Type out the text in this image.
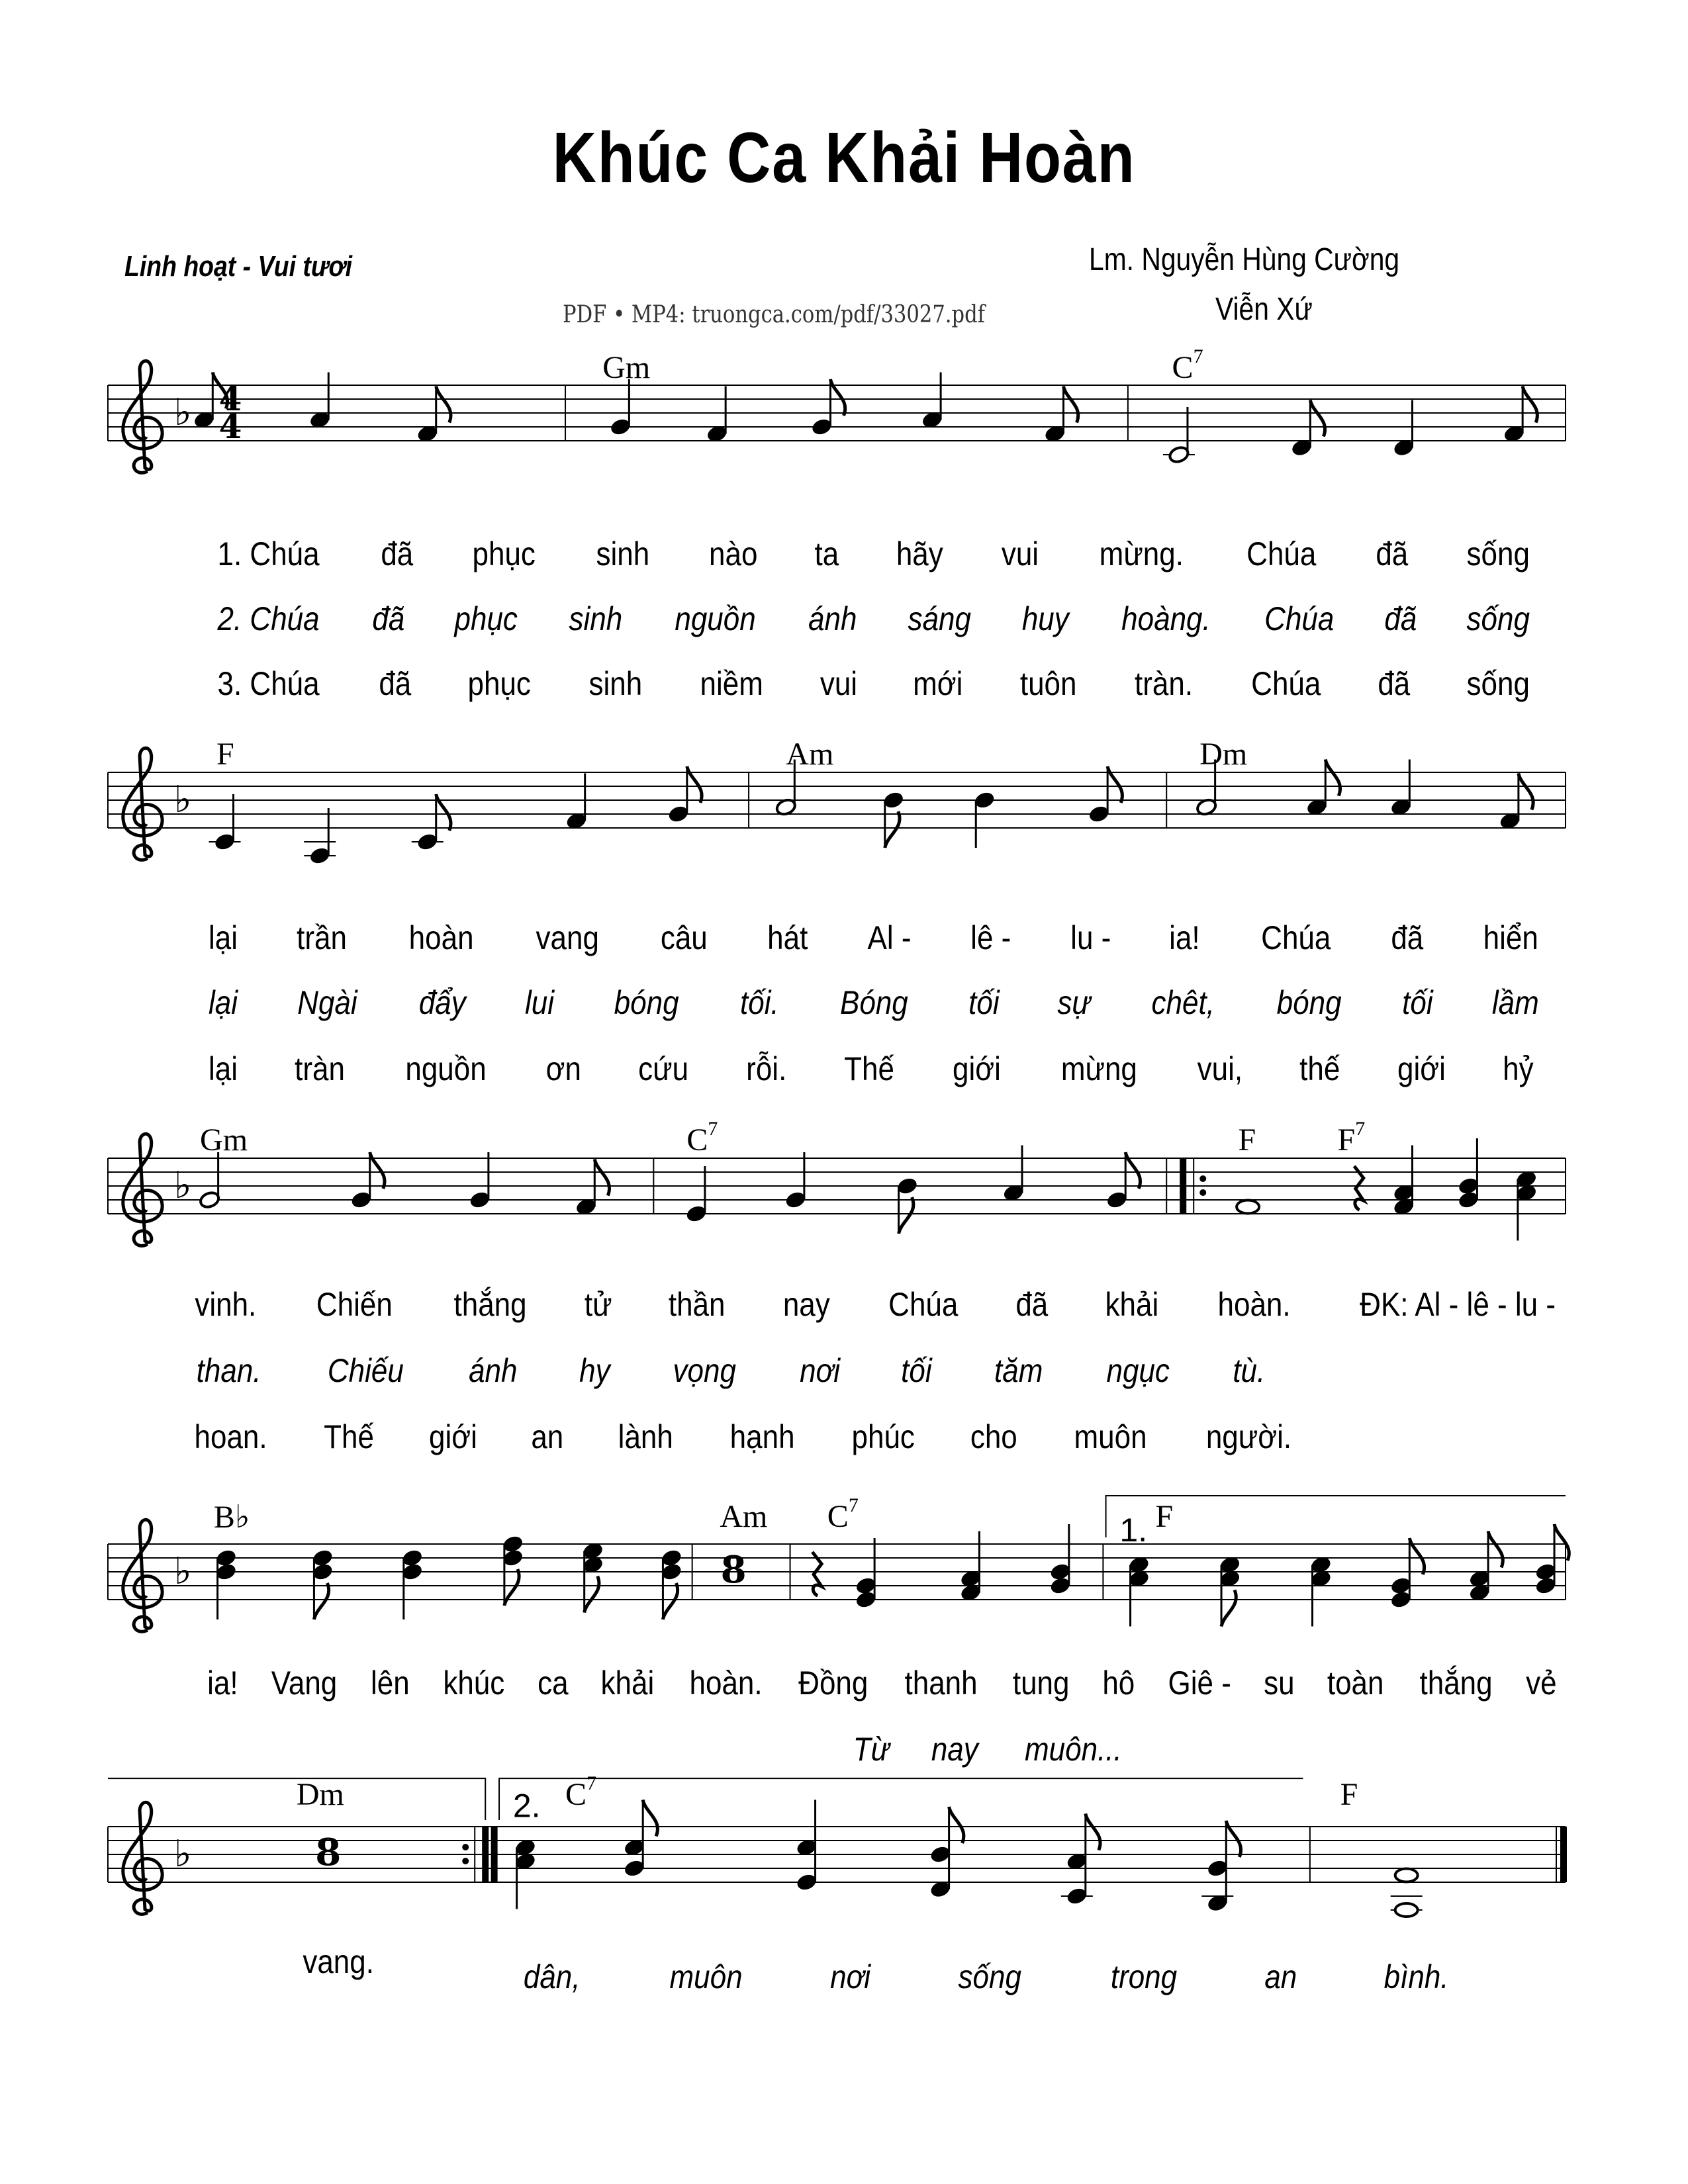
♭
♭
♭
♭
♭
4
4
8
8
1.
2.
Khúc Ca Khải Hoàn
Linh hoạt - Vui tươi	Lm. Nguyễn Hùng Cường
Viễn Xứ
PDF • MP4: truongca.com/pdf/33027.pdf
Gm	$C^7$
F	Am	Dm
Gm	$C^7$	F	$F^7$
B♭	Am $C^7$	F
Dm	$C^7$	F
1. Chúa đã phục sinh nào ta hãy vui mừng. Chúa đã sống
2. Chúa đã phục sinh nguồn ánh sáng huy hoàng. Chúa đã sống
3. Chúa đã phục sinh niềm vui mới tuôn tràn. Chúa đã sống
lại trần hoàn vang câu hát Al - lê - lu - ia! Chúa đã hiển
lại Ngài đẩy lui bóng tối. Bóng tối sự chêt, bóng tối lầm
lại tràn nguồn ơn cứu rỗi. Thế giới mừng vui, thế giới hỷ
vinh. Chiến thắng tử thần nay Chúa đã khải hoàn. ĐK: Al - lê - lu -
than. Chiếu ánh hy vọng nơi tối tăm ngục tù.
hoan. Thế giới an lành hạnh phúc cho muôn người.
ia! Vang lên khúc ca khải hoàn. Đồng thanh tung hô Giê - su toàn thắng vẻ
Từ nay muôn...
vang.	dân,	muôn	nơi	sống	trong	an	bình.
